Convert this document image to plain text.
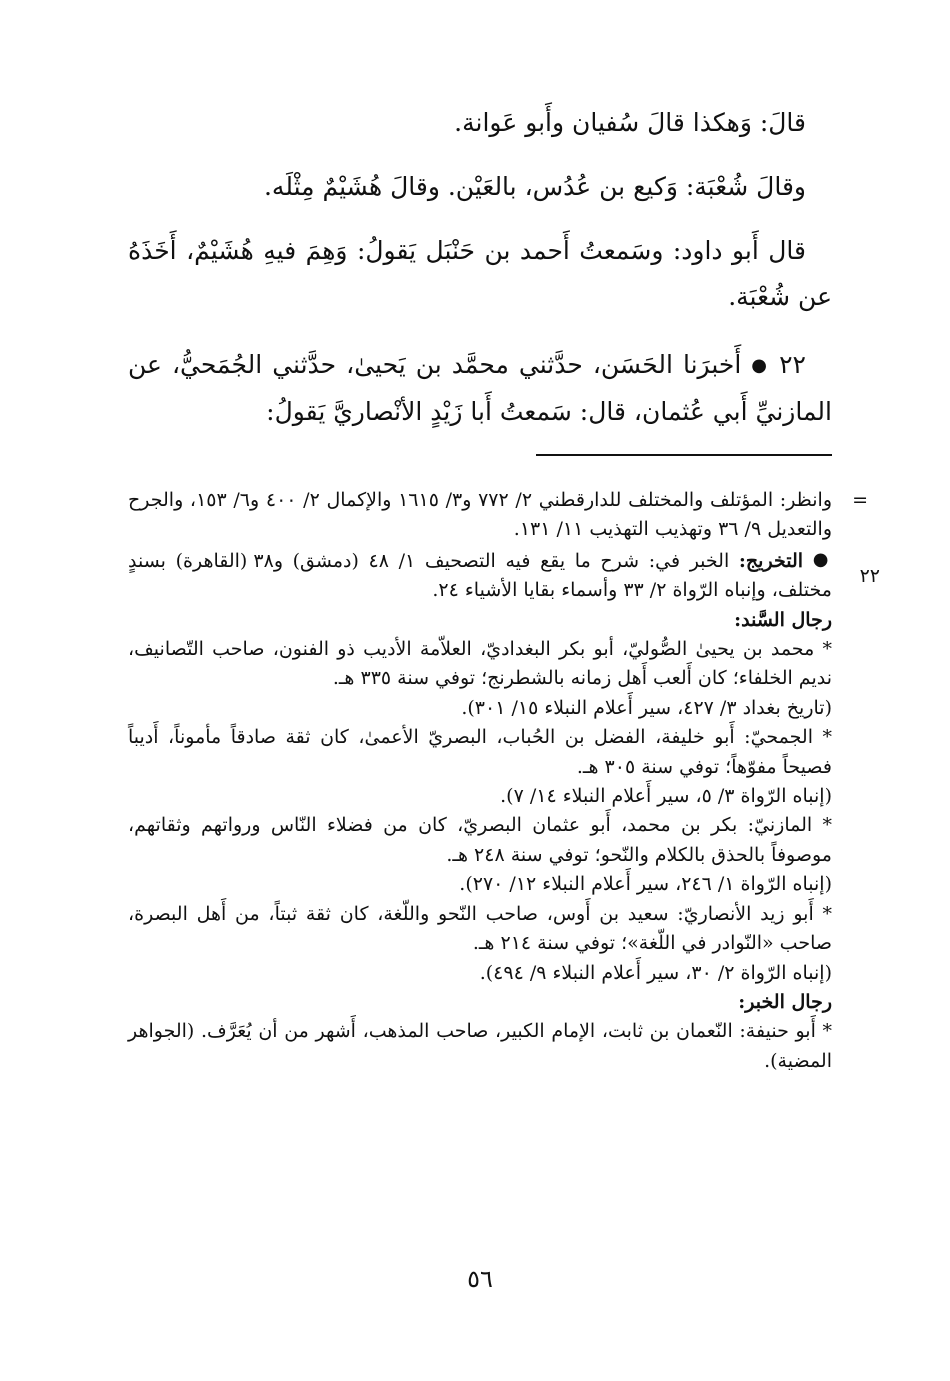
قالَ: وَهكذا قالَ سُفيان وأَبو عَوانة.

وقالَ شُعْبَة: وَكيع بن عُدُس، بالعَيْن. وقالَ هُشَيْمٌ مِثْلَه.

قال أَبو داود: وسَمعتُ أَحمد بن حَنْبَل يَقولُ: وَهِمَ فيهِ هُشَيْمٌ، أَخَذَهُ عن شُعْبَة.

٢٢ ● أَخبرَنا الحَسَن، حدَّثني محمَّد بن يَحيىٰ، حدَّثني الجُمَحيُّ، عن المازنيِّ أَبي عُثمان، قال: سَمعتُ أَبا زَيْدٍ الأنْصاريَّ يَقولُ:

=
٢٢

وانظر: المؤتلف والمختلف للدارقطني ٢/ ٧٧٢ و٣/ ١٦١٥ والإكمال ٢/ ٤٠٠ و٦/ ١٥٣، والجرح والتعديل ٩/ ٣٦ وتهذيب التهذيب ١١/ ١٣١.

● التخريج: الخبر في: شرح ما يقع فيه التصحيف ١/ ٤٨ (دمشق) و٣٨ (القاهرة) بسندٍ مختلف، وإنباه الرّواة ٢/ ٣٣ وأسماء بقايا الأشياء ٢٤.

رجال السَّند:

* محمد بن يحيىٰ الصُّوليّ، أبو بكر البغداديّ، العلاّمة الأديب ذو الفنون، صاحب التّصانيف، نديم الخلفاء؛ كان أَلعب أَهل زمانه بالشطرنج؛ توفي سنة ٣٣٥ هـ.

(تاريخ بغداد ٣/ ٤٢٧، سير أَعلام النبلاء ١٥/ ٣٠١).

* الجمحيّ: أَبو خليفة، الفضل بن الحُباب، البصريّ الأعمىٰ، كان ثقة صادقاً مأموناً، أَديباً فصيحاً مفوّهاً؛ توفي سنة ٣٠٥ هـ.

(إنباه الرّواة ٣/ ٥، سير أَعلام النبلاء ١٤/ ٧).

* المازنيّ: بكر بن محمد، أَبو عثمان البصريّ، كان من فضلاء النّاس ورواتهم وثقاتهم، موصوفاً بالحذق بالكلام والنّحو؛ توفي سنة ٢٤٨ هـ.

(إنباه الرّواة ١/ ٢٤٦، سير أَعلام النبلاء ١٢/ ٢٧٠).

* أَبو زيد الأنصاريّ: سعيد بن أَوس، صاحب النّحو واللّغة، كان ثقة ثبتاً، من أَهل البصرة، صاحب «النّوادر في اللّغة»؛ توفي سنة ٢١٤ هـ.

(إنباه الرّواة ٢/ ٣٠، سير أَعلام النبلاء ٩/ ٤٩٤).

رجال الخبر:

* أَبو حنيفة: النّعمان بن ثابت، الإمام الكبير، صاحب المذهب، أَشهر من أن يُعَرَّف. (الجواهر المضية).

٥٦
